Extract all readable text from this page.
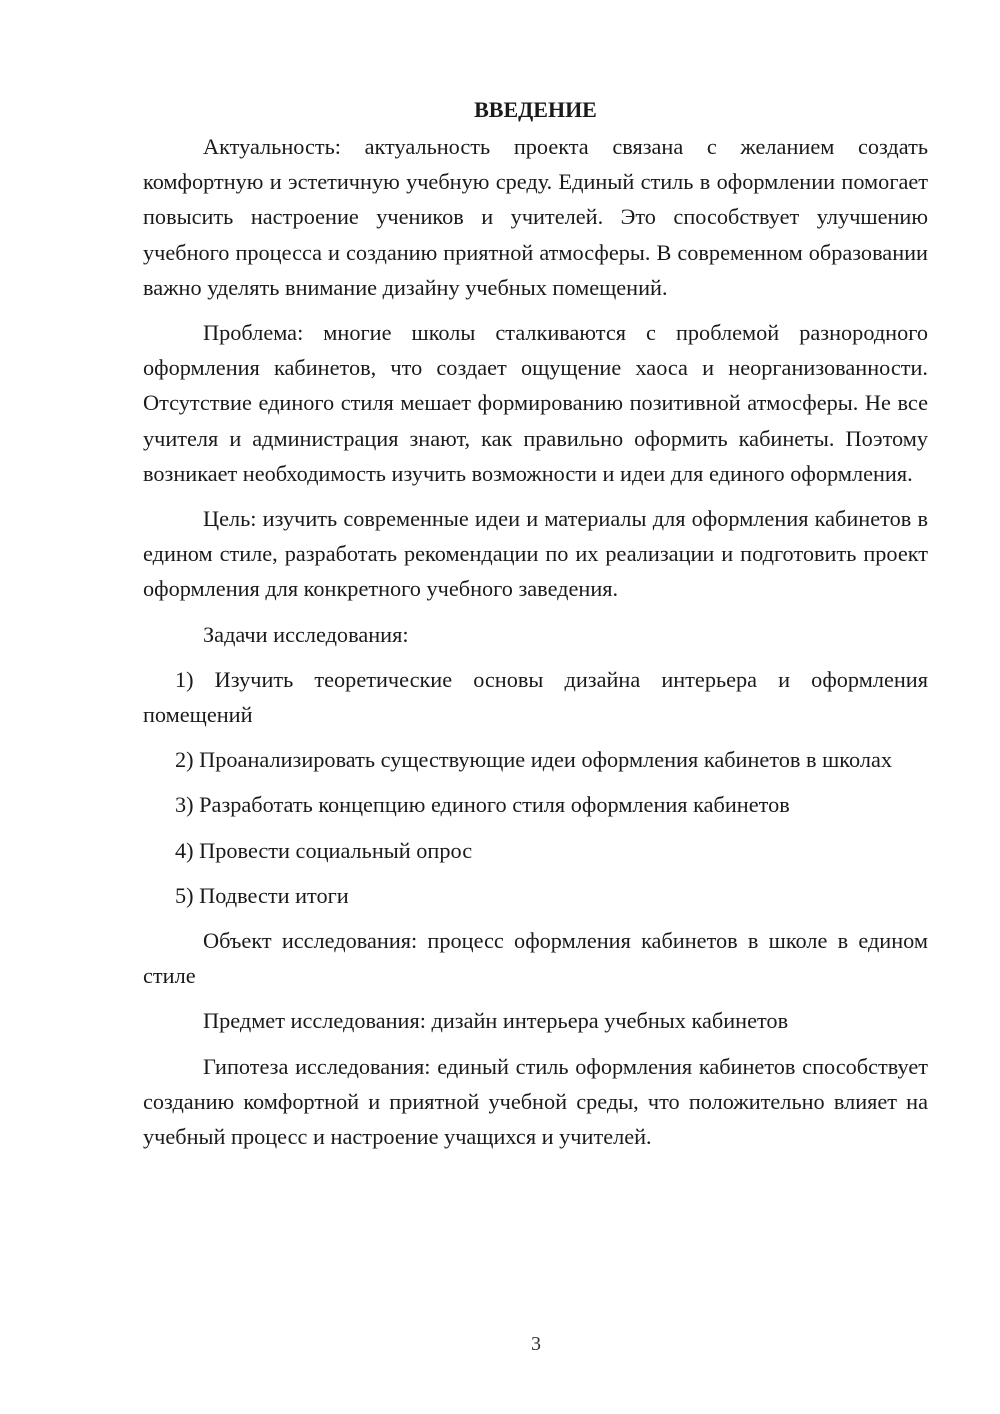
ВВЕДЕНИЕ

Актуальность: актуальность проекта связана с желанием создать комфортную и эстетичную учебную среду. Единый стиль в оформлении помогает повысить настроение учеников и учителей. Это способствует улучшению учебного процесса и созданию приятной атмосферы. В современном образовании важно уделять внимание дизайну учебных помещений.

Проблема: многие школы сталкиваются с проблемой разнородного оформления кабинетов, что создает ощущение хаоса и неорганизованности. Отсутствие единого стиля мешает формированию позитивной атмосферы. Не все учителя и администрация знают, как правильно оформить кабинеты. Поэтому возникает необходимость изучить возможности и идеи для единого оформления.

Цель: изучить современные идеи и материалы для оформления кабинетов в едином стиле, разработать рекомендации по их реализации и подготовить проект оформления для конкретного учебного заведения.

Задачи исследования:

1) Изучить теоретические основы дизайна интерьера и оформления помещений

2) Проанализировать существующие идеи оформления кабинетов в школах

3) Разработать концепцию единого стиля оформления кабинетов

4) Провести социальный опрос

5) Подвести итоги

Объект исследования: процесс оформления кабинетов в школе в едином стиле

Предмет исследования: дизайн интерьера учебных кабинетов

Гипотеза исследования: единый стиль оформления кабинетов способствует созданию комфортной и приятной учебной среды, что положительно влияет на учебный процесс и настроение учащихся и учителей.

3
